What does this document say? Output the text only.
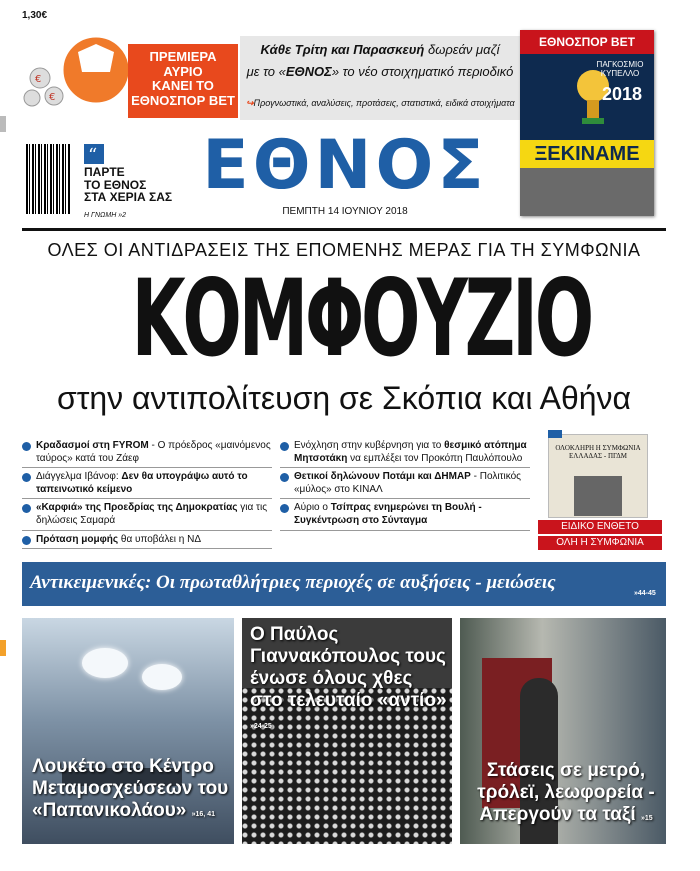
1,30€
€
€
ΠΡΕΜΙΕΡΑ
ΑΥΡΙΟ
ΚΑΝΕΙ ΤΟ
ΕΘΝΟΣΠΟΡ BET
Κάθε Τρίτη και Παρασκευή δωρεάν μαζί
με το «ΕΘΝΟΣ» το νέο στοιχηματικό περιοδικό
↪Προγνωστικά, αναλύσεις, προτάσεις, στατιστικά, ειδικά στοιχήματα
ΕΘΝΟΣΠΟΡ BET
ΠΑΓΚΟΣΜΙΟ ΚΥΠΕΛΛΟ
2018
ΞΕΚΙΝΑΜΕ
“
ΠΑΡΤΕ
ΤΟ ΕΘΝΟΣ
ΣΤΑ ΧΕΡΙΑ ΣΑΣ
Η ΓΝΩΜΗ »2
ΕΘΝΟΣ
ΠΕΜΠΤΗ 14 ΙΟΥΝΙΟΥ 2018
ΟΛΕΣ ΟΙ ΑΝΤΙΔΡΑΣΕΙΣ ΤΗΣ ΕΠΟΜΕΝΗΣ ΜΕΡΑΣ ΓΙΑ ΤΗ ΣΥΜΦΩΝΙΑ
ΚΟΜΦΟΥΖΙΟ
στην αντιπολίτευση σε Σκόπια και Αθήνα
Κραδασμοί στη FYROM - Ο πρόεδρος «μαινόμενος ταύρος» κατά του Ζάεφ
Διάγγελμα Ιβάνοφ: Δεν θα υπογράψω αυτό το ταπεινωτικό κείμενο
«Καρφιά» της Προεδρίας της Δημοκρατίας για τις δηλώσεις Σαμαρά
Πρόταση μομφής θα υποβάλει η ΝΔ
Ενόχληση στην κυβέρνηση για το θεσμικό ατόπημα Μητσοτάκη να εμπλέξει τον Προκόπη Παυλόπουλο
Θετικοί δηλώνουν Ποτάμι και ΔΗΜΑΡ - Πολιτικός «μύλος» στο ΚΙΝΑΛ
Αύριο ο Τσίπρας ενημερώνει τη Βουλή - Συγκέντρωση στο Σύνταγμα
ΟΛΟΚΛΗΡΗ Η ΣΥΜΦΩΝΙΑ ΕΛΛΑΔΑΣ - ΠΓΔΜ
ΕΙΔΙΚΟ ΕΝΘΕΤΟ
ΟΛΗ Η ΣΥΜΦΩΝΙΑ
Αντικειμενικές: Οι πρωταθλήτριες περιοχές σε αυξήσεις - μειώσεις
»44-45
Λουκέτο στο Κέντρο Μεταμοσχεύσεων του «Παπανικολάου» »16, 41
Ο Παύλος Γιαννακόπουλος τους ένωσε όλους χθες στο τελευταίο «αντίο» »24-25
Στάσεις σε μετρό, τρόλεϊ, λεωφορεία - Απεργούν τα ταξί »15
